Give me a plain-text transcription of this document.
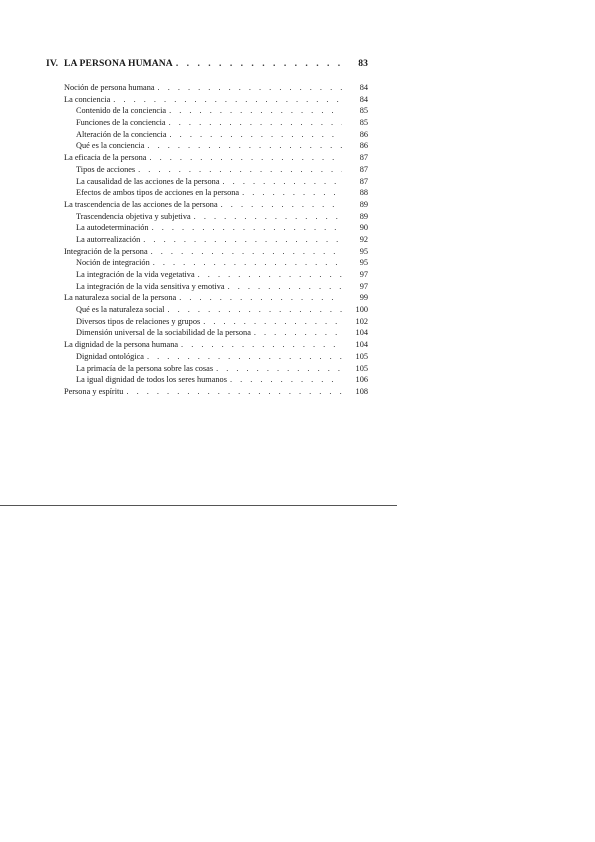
IV. LA PERSONA HUMANA . . .	83
Noción de persona humana . . .	84
La conciencia . . .	84
Contenido de la conciencia . . .	85
Funciones de la conciencia . . .	85
Alteración de la conciencia . . .	86
Qué es la conciencia . . .	86
La eficacia de la persona . . .	87
Tipos de acciones . . .	87
La causalidad de las acciones de la persona . . .	87
Efectos de ambos tipos de acciones en la persona . . .	88
La trascendencia de las acciones de la persona . . .	89
Trascendencia objetiva y subjetiva . . .	89
La autodeterminación . . .	90
La autorrealización . . .	92
Integración de la persona . . .	95
Noción de integración . . .	95
La integración de la vida vegetativa . . .	97
La integración de la vida sensitiva y emotiva . . .	97
La naturaleza social de la persona . . .	99
Qué es la naturaleza social . . .	100
Diversos tipos de relaciones y grupos . . .	102
Dimensión universal de la sociabilidad de la persona . . .	104
La dignidad de la persona humana . . .	104
Dignidad ontológica . . .	105
La primacía de la persona sobre las cosas . . .	105
La igual dignidad de todos los seres humanos . . .	106
Persona y espíritu . . .	108
